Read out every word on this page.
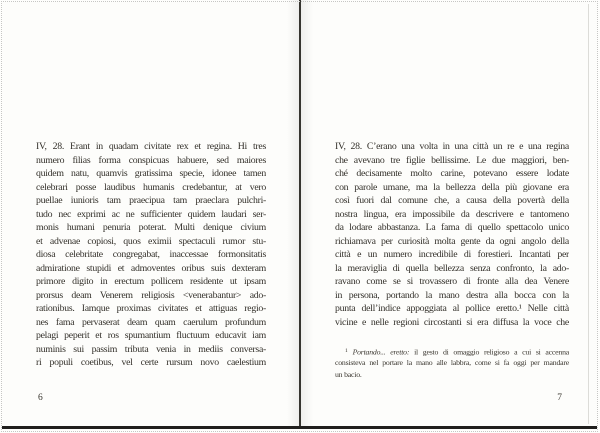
IV, 28. Erant in quadam civitate rex et regina. Hi tres
numero filias forma conspicuas habuere, sed maiores
quidem natu, quamvis gratissima specie, idonee tamen
celebrari posse laudibus humanis credebantur, at vero
puellae iunioris tam praecipua tam praeclara pulchri-
tudo nec exprimi ac ne sufficienter quidem laudari ser-
monis humani penuria poterat. Multi denique civium
et advenae copiosi, quos eximii spectaculi rumor stu-
diosa celebritate congregabat, inaccessae formonsitatis
admiratione stupidi et admoventes oribus suis dexteram
primore digito in erectum pollicem residente ut ipsam
prorsus deam Venerem religiosis <venerabantur> ado-
rationibus. Iamque proximas civitates et attiguas regio-
nes fama pervaserat deam quam caerulum profundum
pelagi peperit et ros spumantium fluctuum educavit iam
numinis sui passim tributa venia in mediis conversa-
ri populi coetibus, vel certe rursum novo caelestium
6
IV, 28. C’erano una volta in una città un re e una regina
che avevano tre figlie bellissime. Le due maggiori, ben-
ché decisamente molto carine, potevano essere lodate
con parole umane, ma la bellezza della più giovane era
così fuori dal comune che, a causa della povertà della
nostra lingua, era impossibile da descrivere e tantomeno
da lodare abbastanza. La fama di quello spettacolo unico
richiamava per curiosità molta gente da ogni angolo della
città e un numero incredibile di forestieri. Incantati per
la meraviglia di quella bellezza senza confronto, la ado-
ravano come se si trovassero di fronte alla dea Venere
in persona, portando la mano destra alla bocca con la
punta dell’indice appoggiata al pollice eretto.¹ Nelle città
vicine e nelle regioni circostanti si era diffusa la voce che
$^1$ Portando... eretto: il gesto di omaggio religioso a cui si accenna
consisteva nel portare la mano alle labbra, come si fa oggi per mandare
un bacio.
7
